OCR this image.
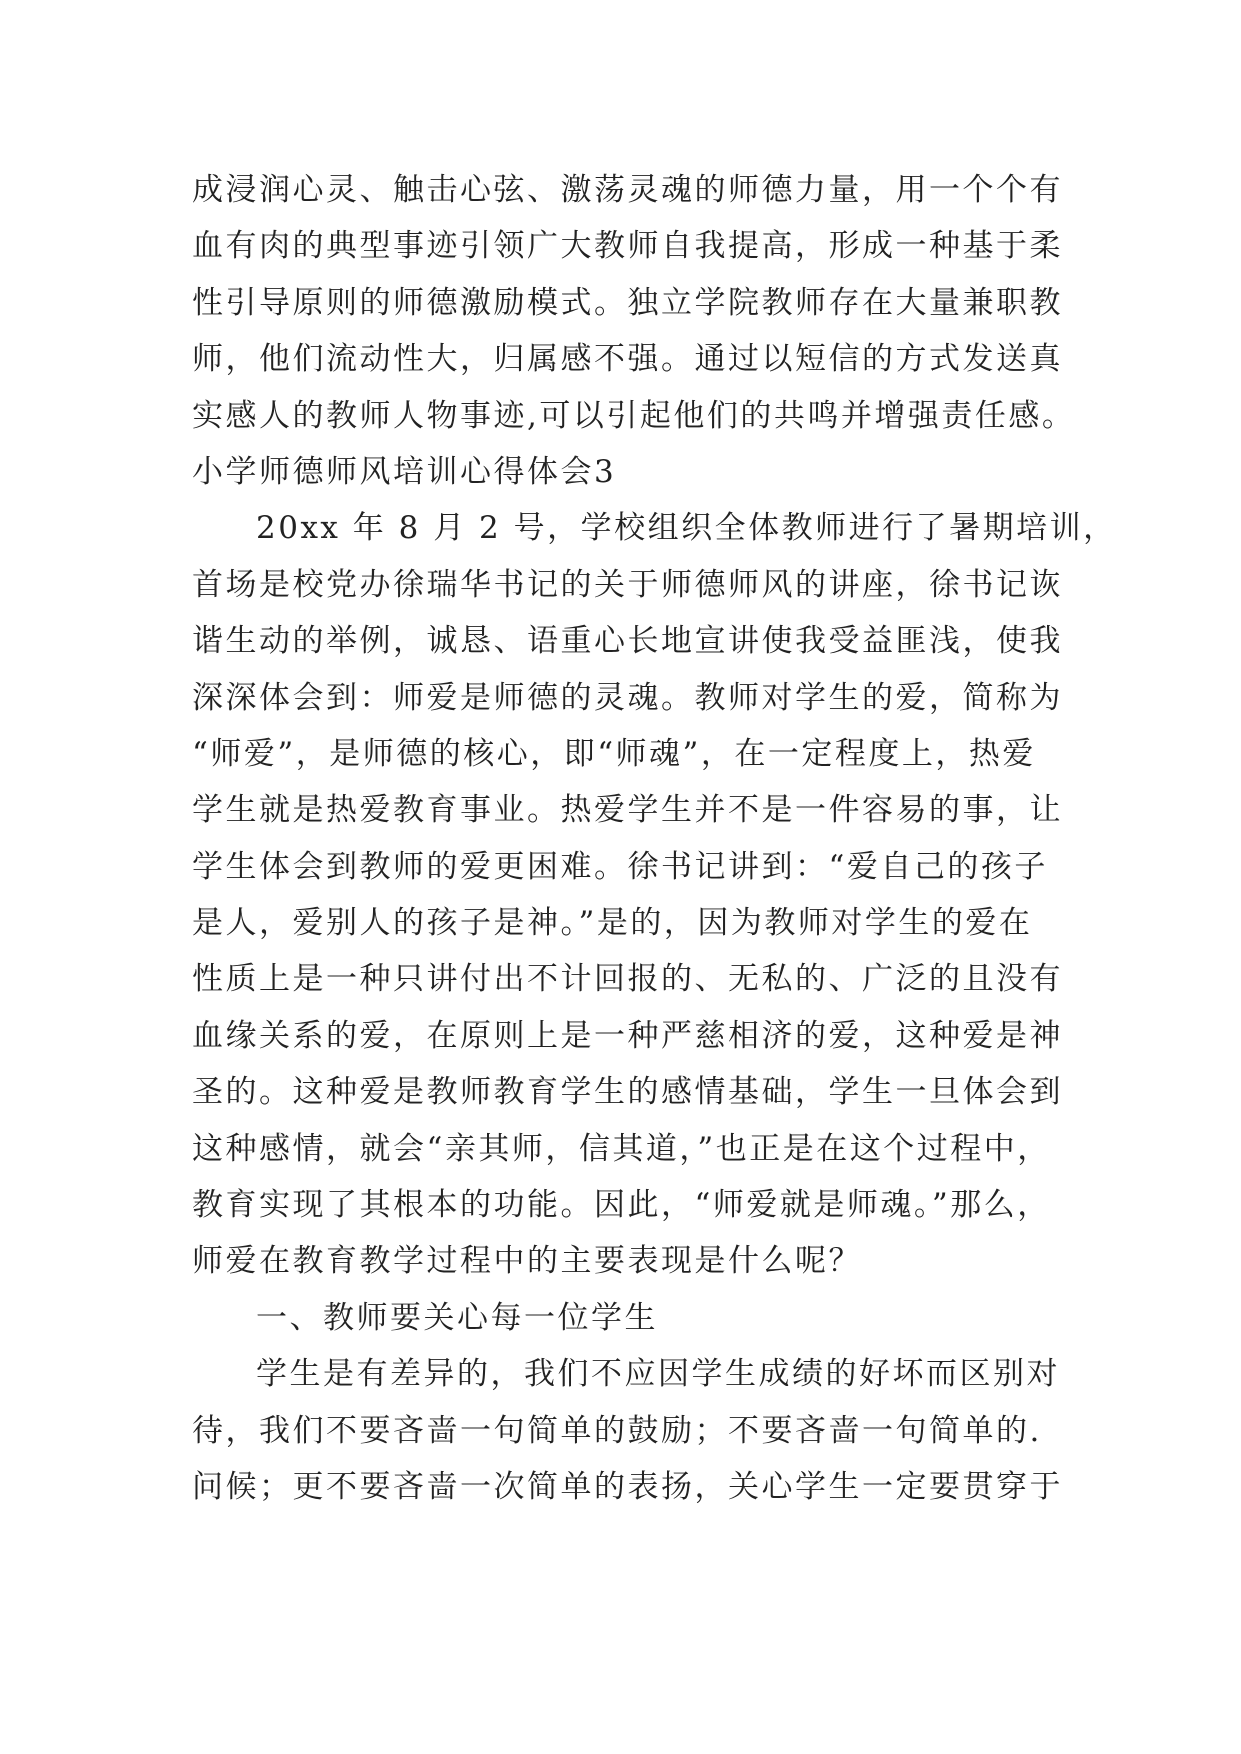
成浸润心灵、触击心弦、激荡灵魂的师德力量，用一个个有
血有肉的典型事迹引领广大教师自我提高，形成一种基于柔
性引导原则的师德激励模式。独立学院教师存在大量兼职教
师，他们流动性大，归属感不强。通过以短信的方式发送真
实感人的教师人物事迹,可以引起他们的共鸣并增强责任感。
小学师德师风培训心得体会3
20xx 年 8 月 2 号，学校组织全体教师进行了暑期培训，
首场是校党办徐瑞华书记的关于师德师风的讲座，徐书记诙
谐生动的举例，诚恳、语重心长地宣讲使我受益匪浅，使我
深深体会到：师爱是师德的灵魂。教师对学生的爱，简称为
“师爱”，是师德的核心，即“师魂”，在一定程度上，热爱
学生就是热爱教育事业。热爱学生并不是一件容易的事，让
学生体会到教师的爱更困难。徐书记讲到：“爱自己的孩子
是人，爱别人的孩子是神。”是的，因为教师对学生的爱在
性质上是一种只讲付出不计回报的、无私的、广泛的且没有
血缘关系的爱，在原则上是一种严慈相济的爱，这种爱是神
圣的。这种爱是教师教育学生的感情基础，学生一旦体会到
这种感情，就会“亲其师，信其道，”也正是在这个过程中，
教育实现了其根本的功能。因此，“师爱就是师魂。”那么，
师爱在教育教学过程中的主要表现是什么呢？
一、教师要关心每一位学生
学生是有差异的，我们不应因学生成绩的好坏而区别对
待，我们不要吝啬一句简单的鼓励；不要吝啬一句简单的.
问候；更不要吝啬一次简单的表扬，关心学生一定要贯穿于
